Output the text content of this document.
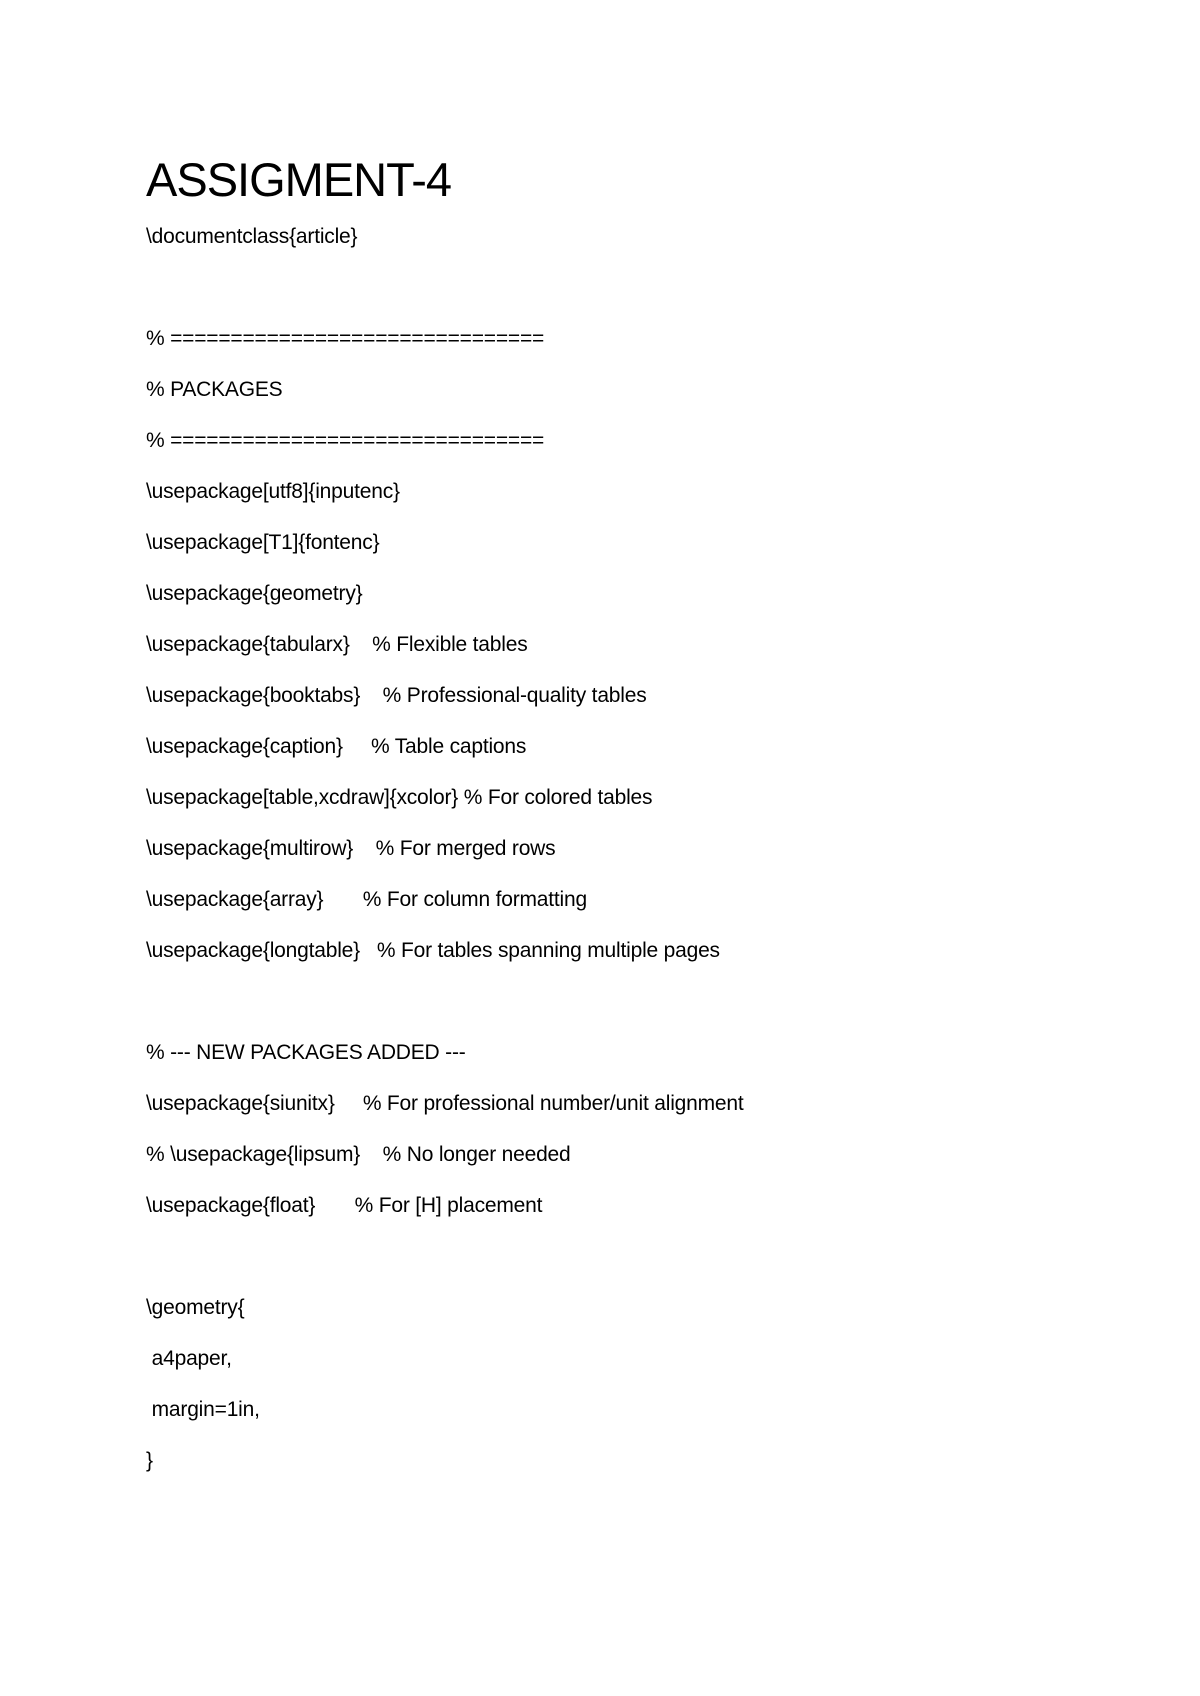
ASSIGMENT-4
\documentclass{article}
% ===============================
% PACKAGES
% ===============================
\usepackage[utf8]{inputenc}
\usepackage[T1]{fontenc}
\usepackage{geometry}
\usepackage{tabularx}    % Flexible tables
\usepackage{booktabs}    % Professional-quality tables
\usepackage{caption}     % Table captions
\usepackage[table,xcdraw]{xcolor} % For colored tables
\usepackage{multirow}    % For merged rows
\usepackage{array}       % For column formatting
\usepackage{longtable}   % For tables spanning multiple pages
% --- NEW PACKAGES ADDED ---
\usepackage{siunitx}     % For professional number/unit alignment
% \usepackage{lipsum}    % No longer needed
\usepackage{float}       % For [H] placement
\geometry{
a4paper,
margin=1in,
}
